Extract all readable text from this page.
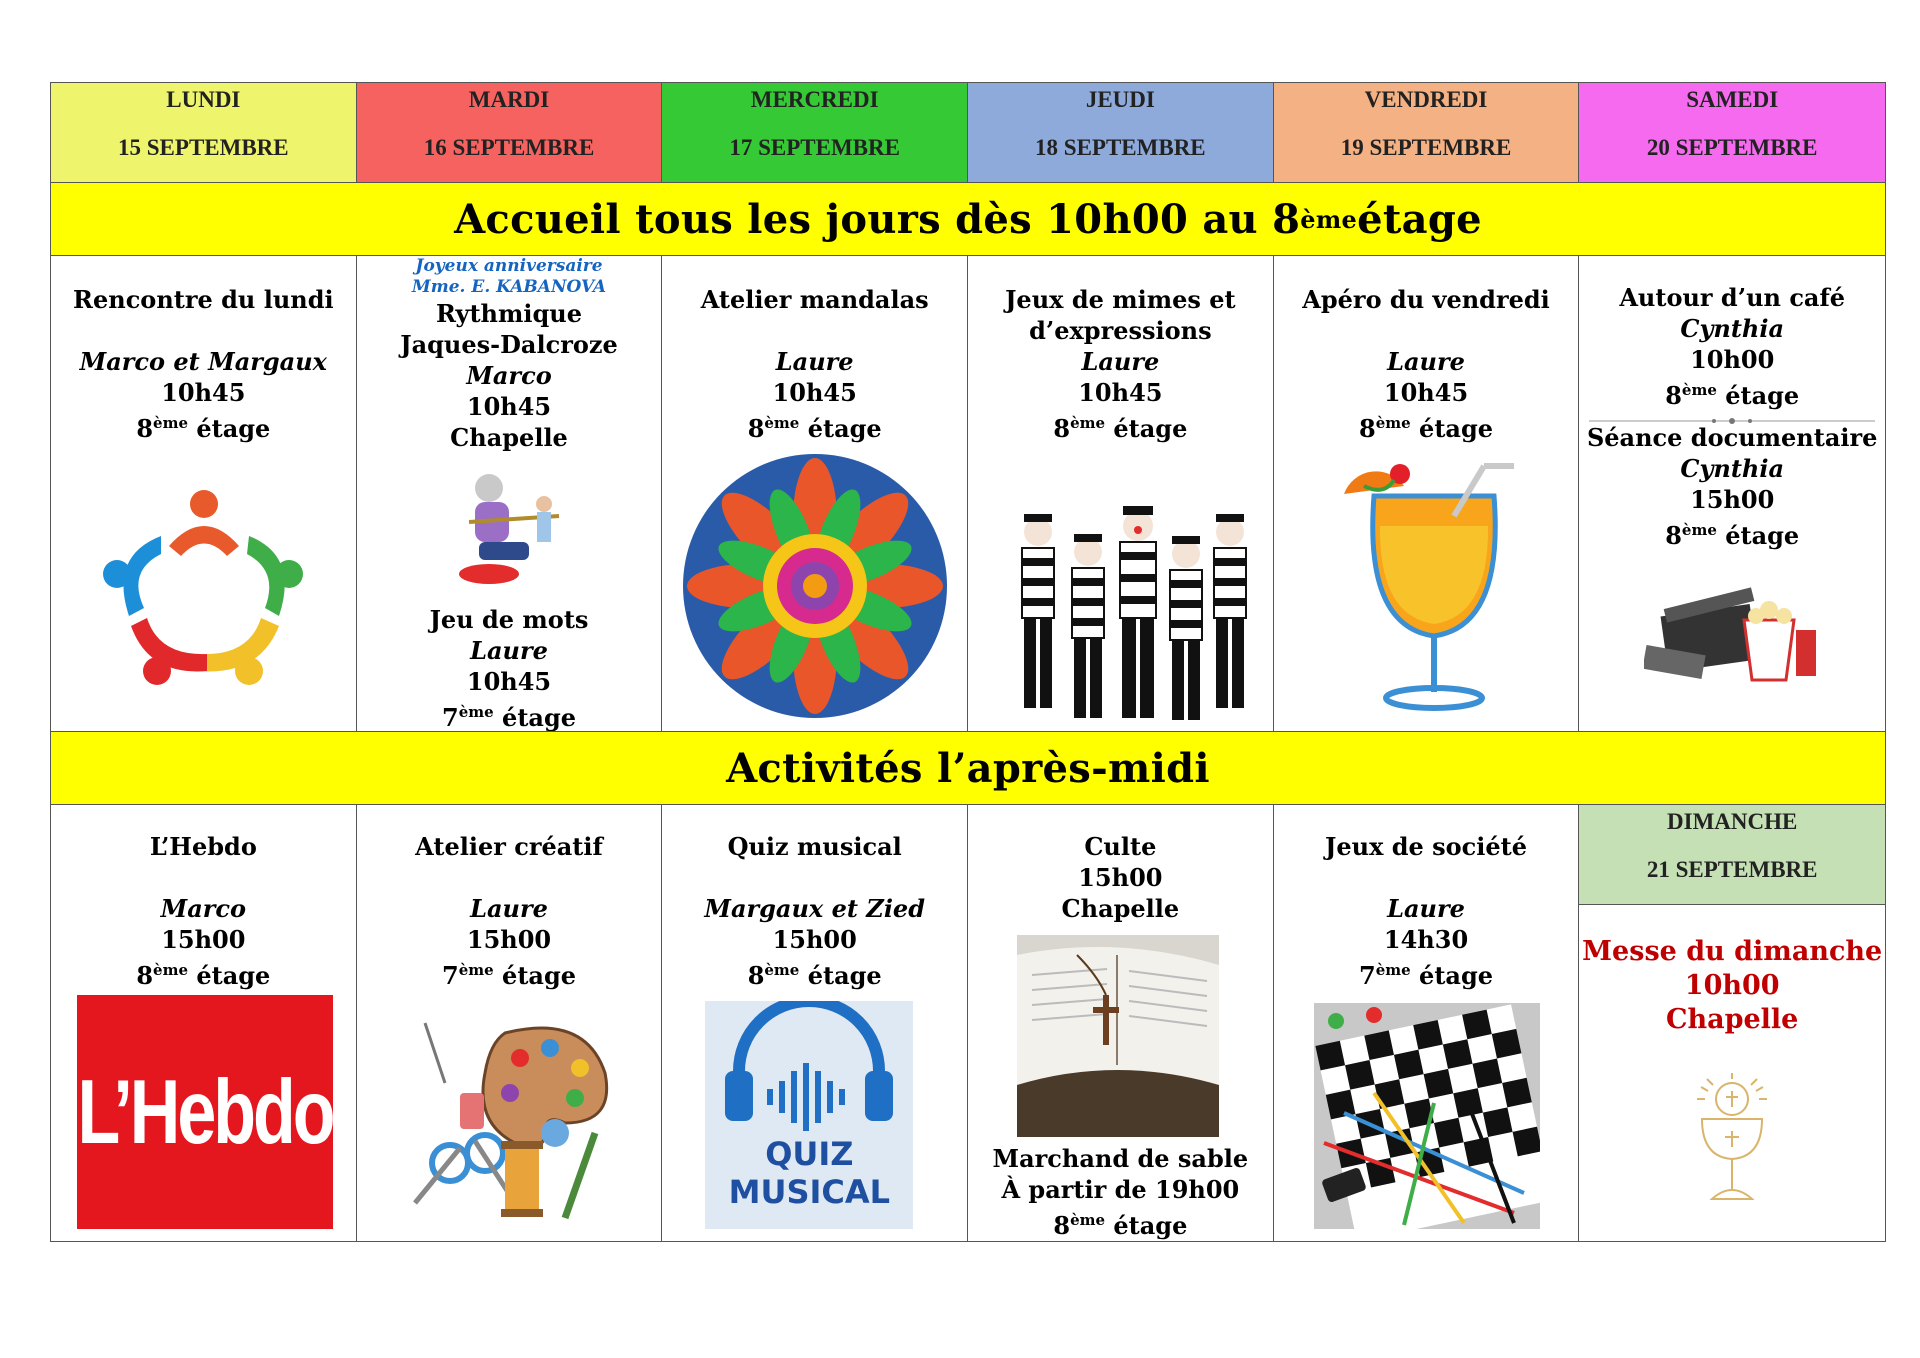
LUNDI
15 SEPTEMBRE
MARDI
16 SEPTEMBRE
MERCREDI
17 SEPTEMBRE
JEUDI
18 SEPTEMBRE
VENDREDI
19 SEPTEMBRE
SAMEDI
20 SEPTEMBRE
Accueil tous les jours dès 10h00 au 8 ème étage
Rencontre du lundi
Marco et Margaux
10h45
8ème étage
Joyeux anniversaire
Mme. E. KABANOVA
Rythmique
Jaques-Dalcroze
Marco
10h45
Chapelle
Jeu de mots
Laure
10h45
7ème étage
Atelier mandalas
Laure
10h45
8ème étage
Jeux de mimes et
d’expressions
Laure
10h45
8ème étage
Apéro du vendredi
Laure
10h45
8ème étage
Autour d’un café
Cynthia
10h00
8ème étage
Séance documentaire
Cynthia
15h00
8ème étage
Activités l’après-midi
L’Hebdo
Marco
15h00
8ème étage
L’Hebdo
Atelier créatif
Laure
15h00
7ème étage
Quiz musical
Margaux et Zied
15h00
8ème étage
QUIZ
MUSICAL
Culte
15h00
Chapelle
Marchand de sable
À partir de 19h00
8ème étage
Jeux de société
Laure
14h30
7ème étage
DIMANCHE
21 SEPTEMBRE
Messe du dimanche
10h00
Chapelle
